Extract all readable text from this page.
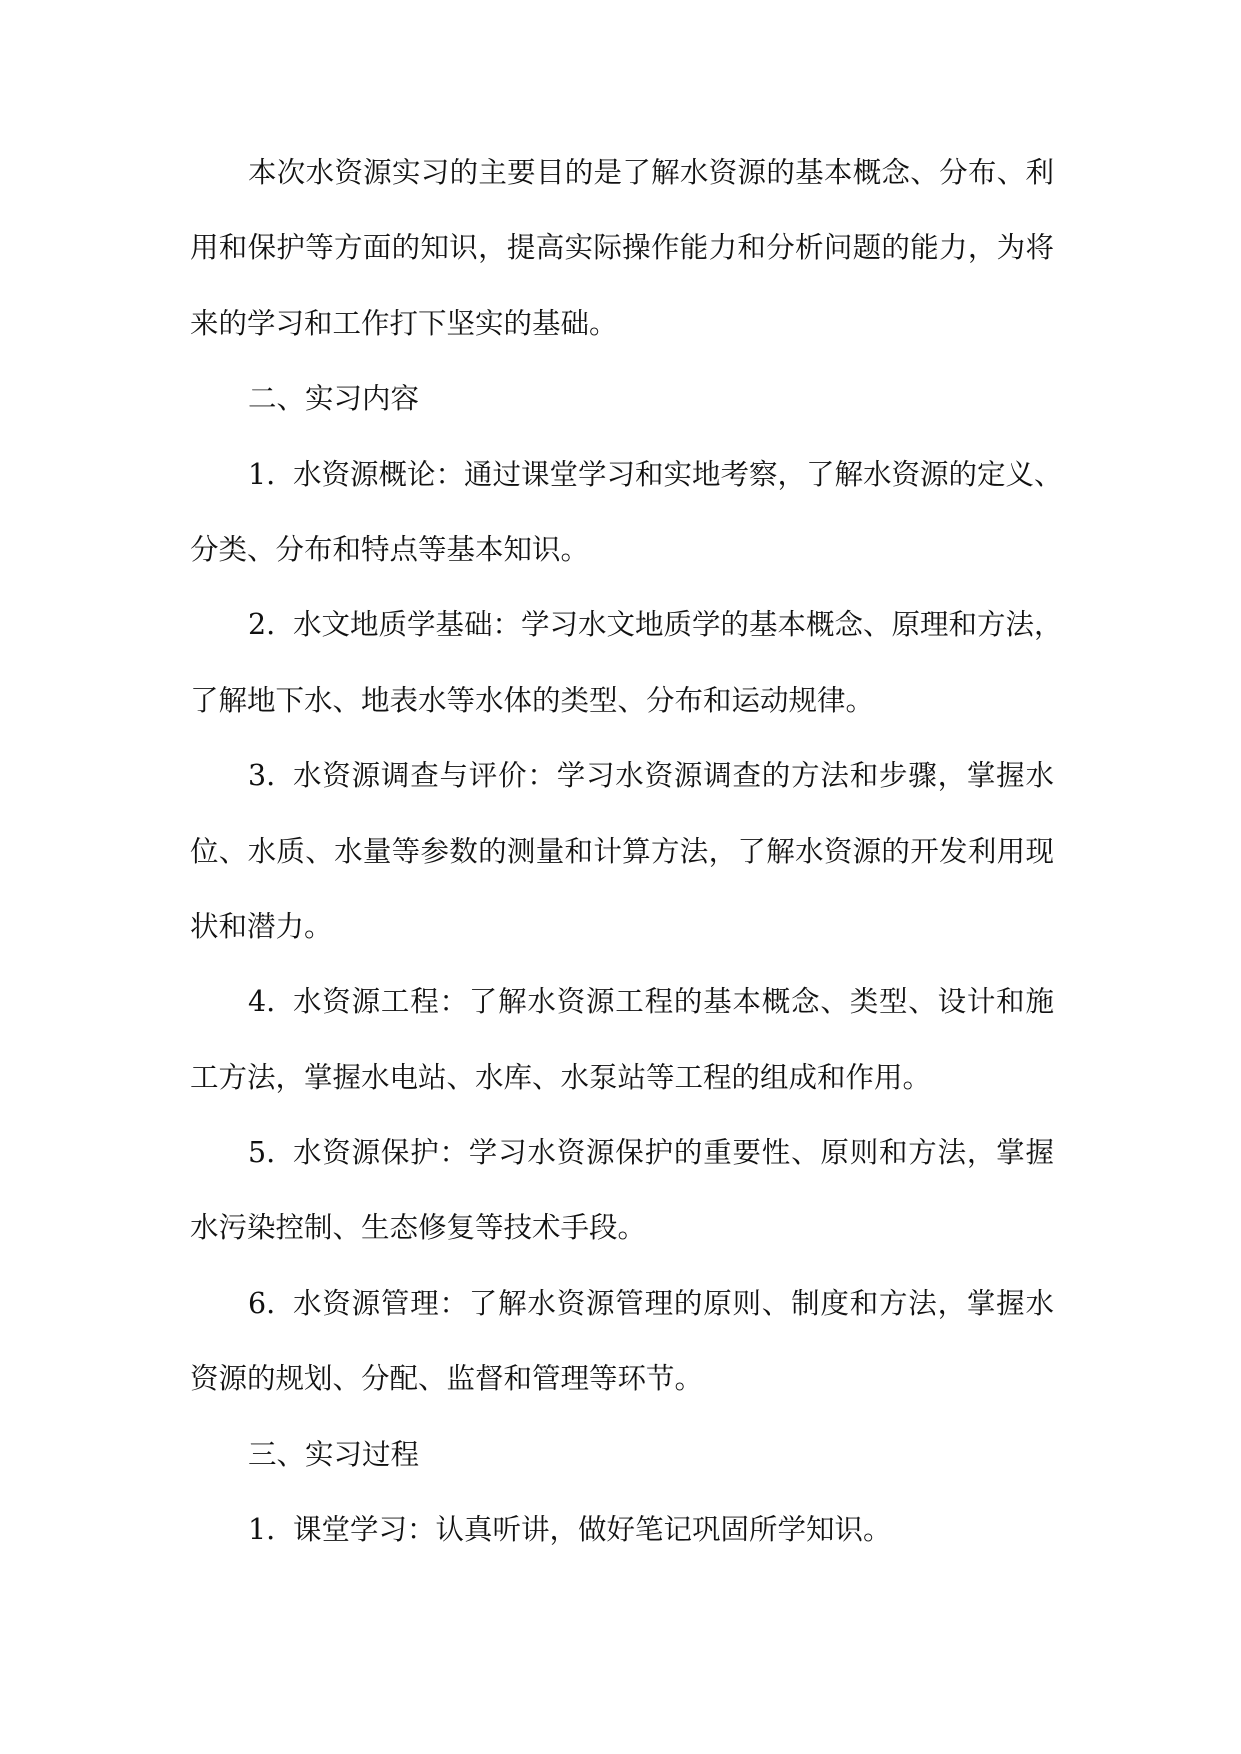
本次水资源实习的主要目的是了解水资源的基本概念、分布、利
用和保护等方面的知识，提高实际操作能力和分析问题的能力，为将
来的学习和工作打下坚实的基础。
二、实习内容
1. 水资源概论：通过课堂学习和实地考察，了解水资源的定义、
分类、分布和特点等基本知识。
2. 水文地质学基础：学习水文地质学的基本概念、原理和方法，
了解地下水、地表水等水体的类型、分布和运动规律。
3. 水资源调查与评价：学习水资源调查的方法和步骤，掌握水
位、水质、水量等参数的测量和计算方法，了解水资源的开发利用现
状和潜力。
4. 水资源工程：了解水资源工程的基本概念、类型、设计和施
工方法，掌握水电站、水库、水泵站等工程的组成和作用。
5. 水资源保护：学习水资源保护的重要性、原则和方法，掌握
水污染控制、生态修复等技术手段。
6. 水资源管理：了解水资源管理的原则、制度和方法，掌握水
资源的规划、分配、监督和管理等环节。
三、实习过程
1. 课堂学习：认真听讲，做好笔记巩固所学知识。
